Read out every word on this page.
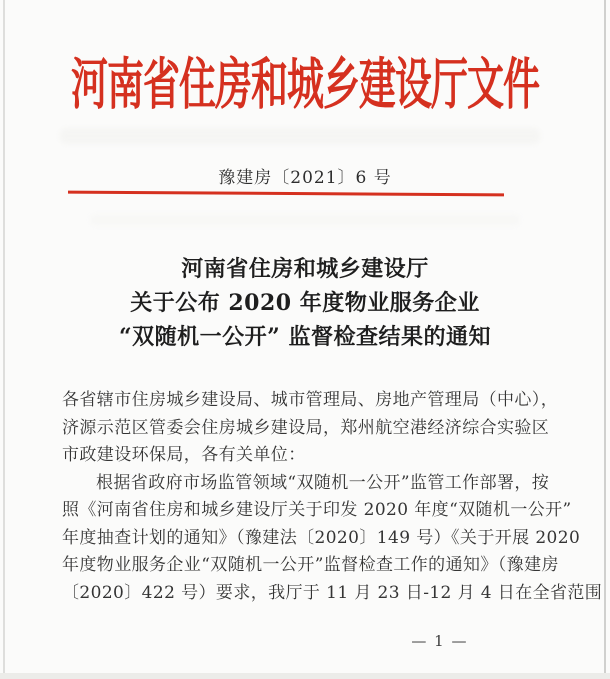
河南省住房和城乡建设厅文件
豫建房〔2021〕6 号
河南省住房和城乡建设厅
关于公布 2020 年度物业服务企业
“双随机一公开” 监督检查结果的通知
各省辖市住房城乡建设局、城市管理局、房地产管理局（中心），
济源示范区管委会住房城乡建设局，郑州航空港经济综合实验区
市政建设环保局，各有关单位：
根据省政府市场监管领域“双随机一公开”监管工作部署，按
照《河南省住房和城乡建设厅关于印发 2020 年度“双随机一公开”
年度抽查计划的通知》（豫建法〔2020〕149 号）《关于开展 2020
年度物业服务企业“双随机一公开”监督检查工作的通知》（豫建房
〔2020〕422 号）要求，我厅于 11 月 23 日-12 月 4 日在全省范围
— 1 —
